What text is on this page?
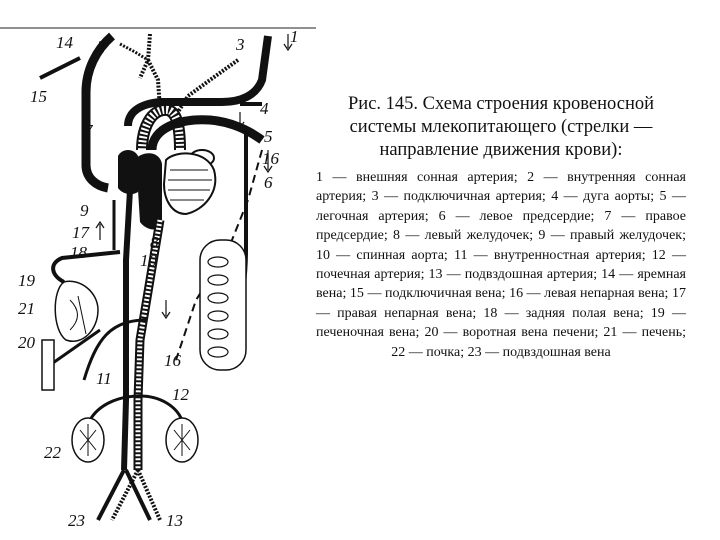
14 2	3
15
1
4
7	5
16
6
9
17
8
18	10
19
21
20
16
11
12
22
23	13

Рис. 145. Схема строения кровеносной системы млекопитающего (стрелки — направление движения крови):

1 — внешняя сонная артерия; 2 — внутренняя сонная артерия; 3 — подключичная артерия; 4 — дуга аорты; 5 — легочная артерия; 6 — левое предсердие; 7 — правое предсердие; 8 — левый желудочек; 9 — правый желудочек; 10 — спинная аорта; 11 — внутренностная артерия; 12 — почечная артерия; 13 — подвздошная артерия; 14 — яремная вена; 15 — подключичная вена; 16 — левая непарная вена; 17 — правая непарная вена; 18 — задняя полая вена; 19 — печеночная вена; 20 — воротная вена печени; 21 — печень; 22 — почка; 23 — подвздошная вена
